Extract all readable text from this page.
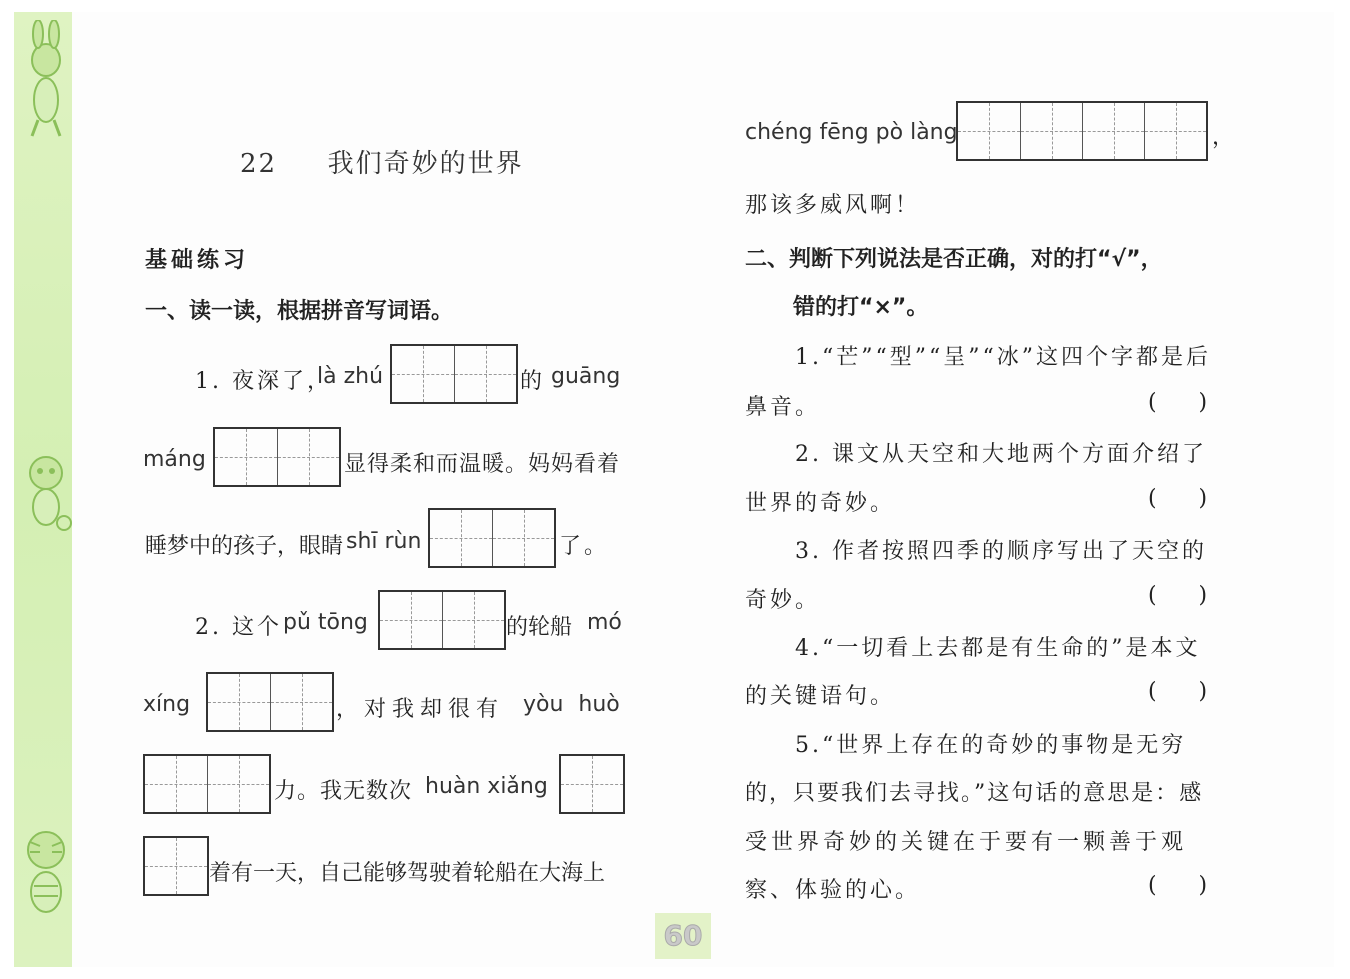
22 我们奇妙的世界
基础练习
一、读一读，根据拼音写词语。
1. 夜深了，
là zhú	的 guāng
máng	显得柔和而温暖。妈妈看着
睡梦中的孩子，眼睛 shī rùn	了。
2. 这个 pǔ tōng	的轮船 mó
xíng	，对我却很有 yòu huò
力。我无数次 huàn xiǎng
着有一天，自己能够驾驶着轮船在大海上
chéng fēng pò làng	，
那该多威风啊！
二、判断下列说法是否正确，对的打“√”，
错的打“×”。
1.“芒”“型”“呈”“冰”这四个字都是后
鼻音。	(      )
2. 课文从天空和大地两个方面介绍了
世界的奇妙。	(      )
3. 作者按照四季的顺序写出了天空的
奇妙。	(      )
4.“一切看上去都是有生命的”是本文
的关键语句。	(      )
5.“世界上存在的奇妙的事物是无穷
的，只要我们去寻找。”这句话的意思是：感
受世界奇妙的关键在于要有一颗善于观
察、体验的心。	(      )
60
